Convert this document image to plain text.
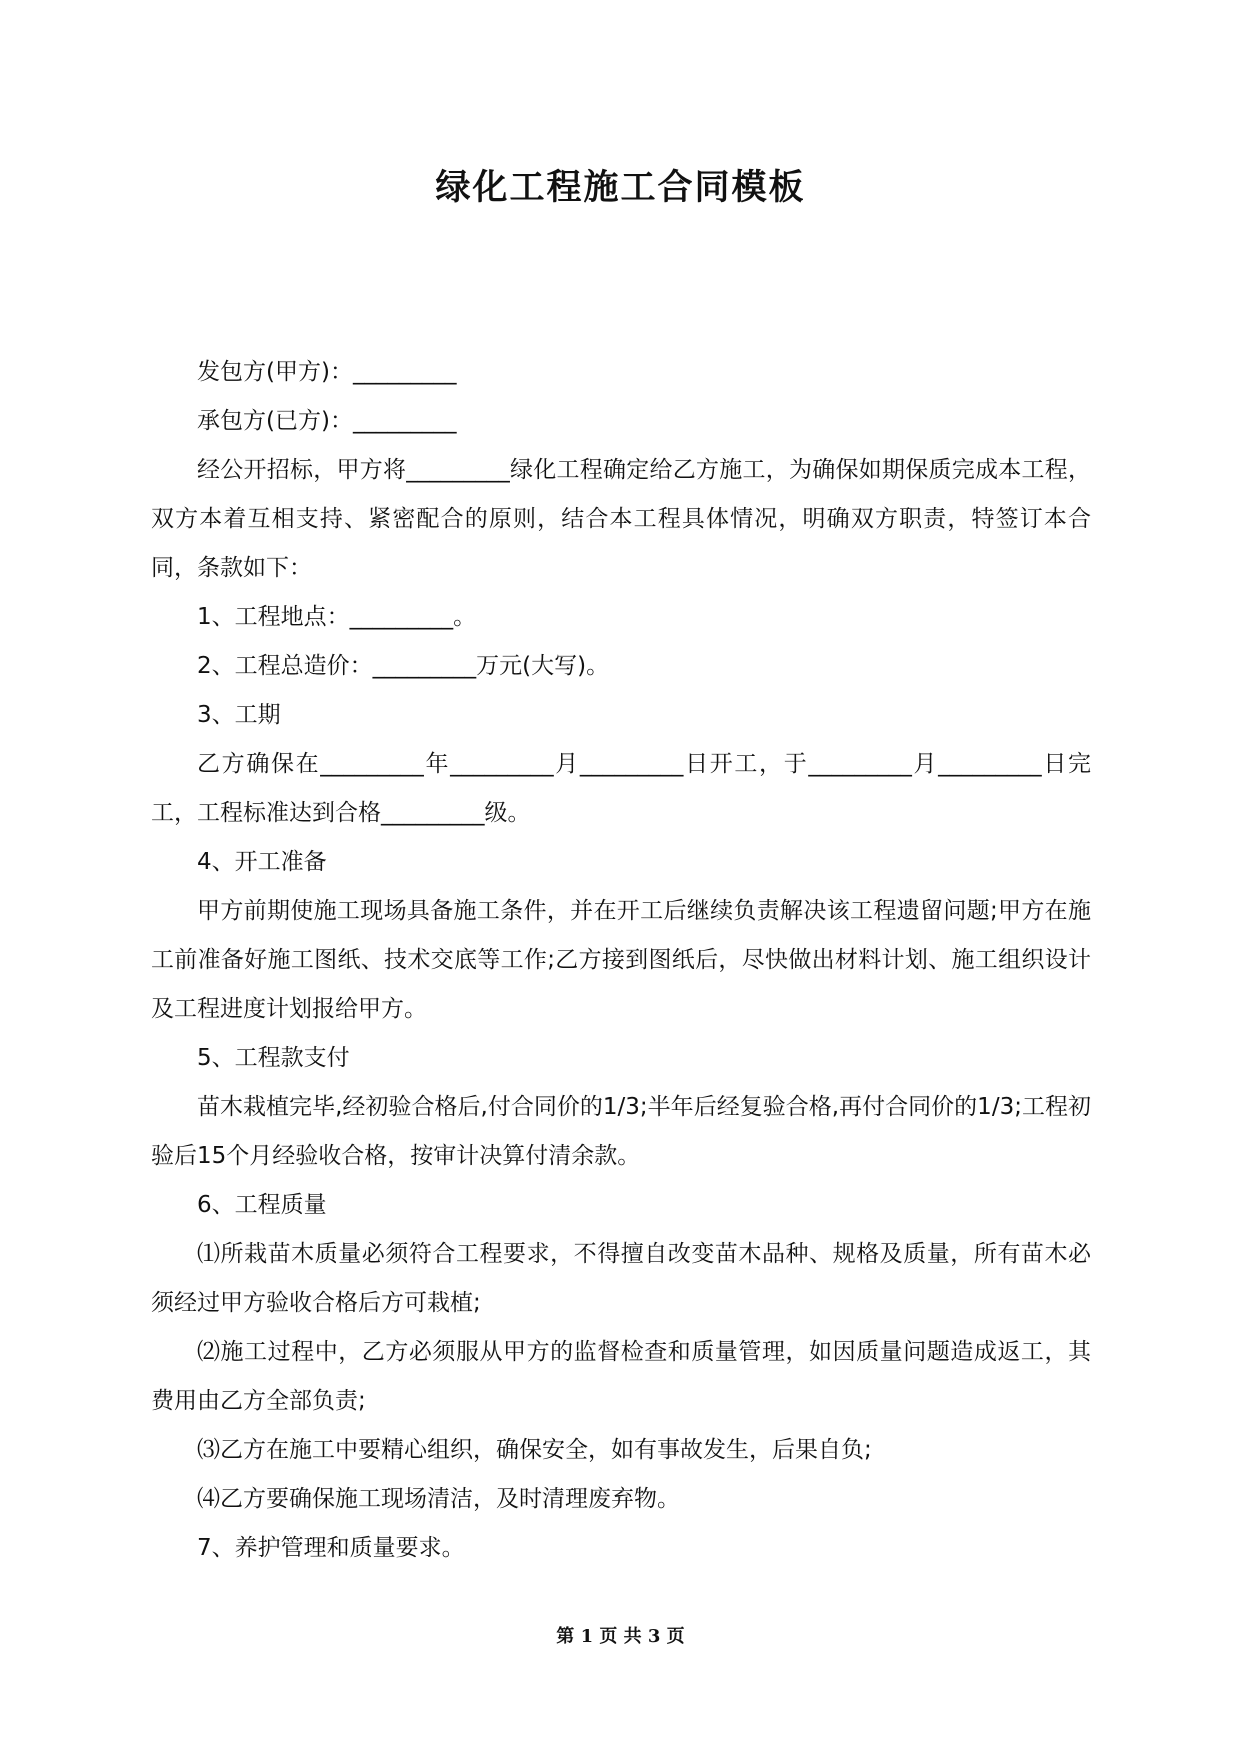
绿化工程施工合同模板

发包方(甲方)：_________

承包方(已方)：_________

经公开招标，甲方将_________绿化工程确定给乙方施工，为确保如期保质完成本工程，双方本着互相支持、紧密配合的原则，结合本工程具体情况，明确双方职责，特签订本合同，条款如下：

1、工程地点：_________。

2、工程总造价：_________万元(大写)。

3、工期

乙方确保在_________年_________月_________日开工，于_________月_________日完工，工程标准达到合格_________级。

4、开工准备

甲方前期使施工现场具备施工条件，并在开工后继续负责解决该工程遗留问题;甲方在施工前准备好施工图纸、技术交底等工作;乙方接到图纸后，尽快做出材料计划、施工组织设计及工程进度计划报给甲方。

5、工程款支付

苗木栽植完毕,经初验合格后,付合同价的1/3;半年后经复验合格,再付合同价的1/3;工程初验后15个月经验收合格，按审计决算付清余款。

6、工程质量

⑴所栽苗木质量必须符合工程要求，不得擅自改变苗木品种、规格及质量，所有苗木必须经过甲方验收合格后方可栽植;

⑵施工过程中，乙方必须服从甲方的监督检查和质量管理，如因质量问题造成返工，其费用由乙方全部负责;

⑶乙方在施工中要精心组织，确保安全，如有事故发生，后果自负;

⑷乙方要确保施工现场清洁，及时清理废弃物。

7、养护管理和质量要求。

第 1 页 共 3 页
